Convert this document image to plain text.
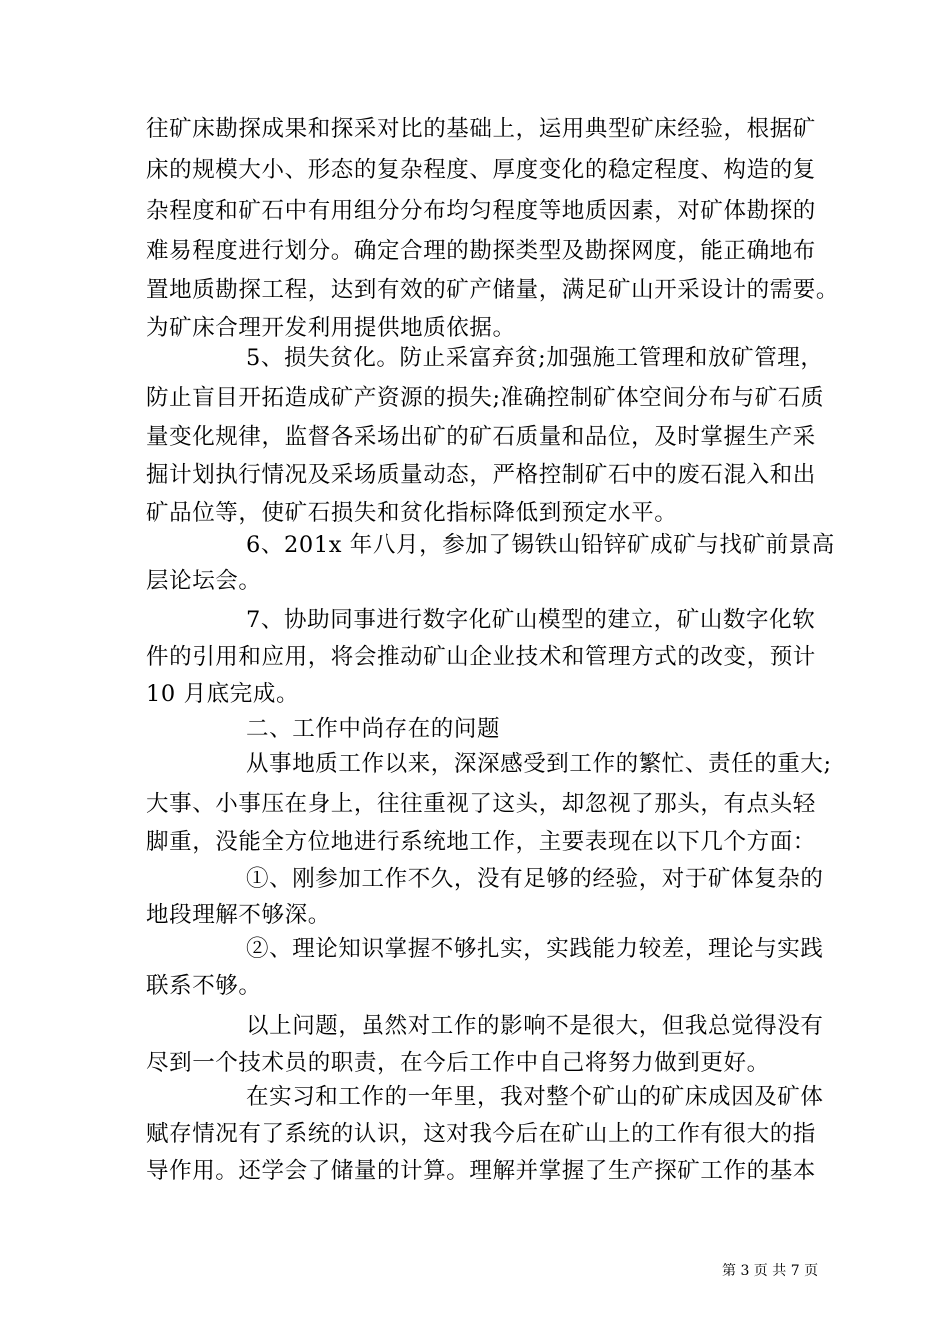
往矿床勘探成果和探采对比的基础上，运用典型矿床经验，根据矿
床的规模大小、形态的复杂程度、厚度变化的稳定程度、构造的复
杂程度和矿石中有用组分分布均匀程度等地质因素，对矿体勘探的
难易程度进行划分。确定合理的勘探类型及勘探网度，能正确地布
置地质勘探工程，达到有效的矿产储量，满足矿山开采设计的需要。
为矿床合理开发利用提供地质依据。
5、损失贫化。防止采富弃贫;加强施工管理和放矿管理，
防止盲目开拓造成矿产资源的损失;准确控制矿体空间分布与矿石质
量变化规律，监督各采场出矿的矿石质量和品位，及时掌握生产采
掘计划执行情况及采场质量动态，严格控制矿石中的废石混入和出
矿品位等，使矿石损失和贫化指标降低到预定水平。
6、201x 年八月，参加了锡铁山铅锌矿成矿与找矿前景高
层论坛会。
7、协助同事进行数字化矿山模型的建立，矿山数字化软
件的引用和应用，将会推动矿山企业技术和管理方式的改变，预计
10 月底完成。
二、工作中尚存在的问题
从事地质工作以来，深深感受到工作的繁忙、责任的重大;
大事、小事压在身上，往往重视了这头，却忽视了那头，有点头轻
脚重，没能全方位地进行系统地工作，主要表现在以下几个方面：
①、刚参加工作不久，没有足够的经验，对于矿体复杂的
地段理解不够深。
②、理论知识掌握不够扎实，实践能力较差，理论与实践
联系不够。
以上问题，虽然对工作的影响不是很大，但我总觉得没有
尽到一个技术员的职责，在今后工作中自己将努力做到更好。
在实习和工作的一年里，我对整个矿山的矿床成因及矿体
赋存情况有了系统的认识，这对我今后在矿山上的工作有很大的指
导作用。还学会了储量的计算。理解并掌握了生产探矿工作的基本
第 3 页 共 7 页
